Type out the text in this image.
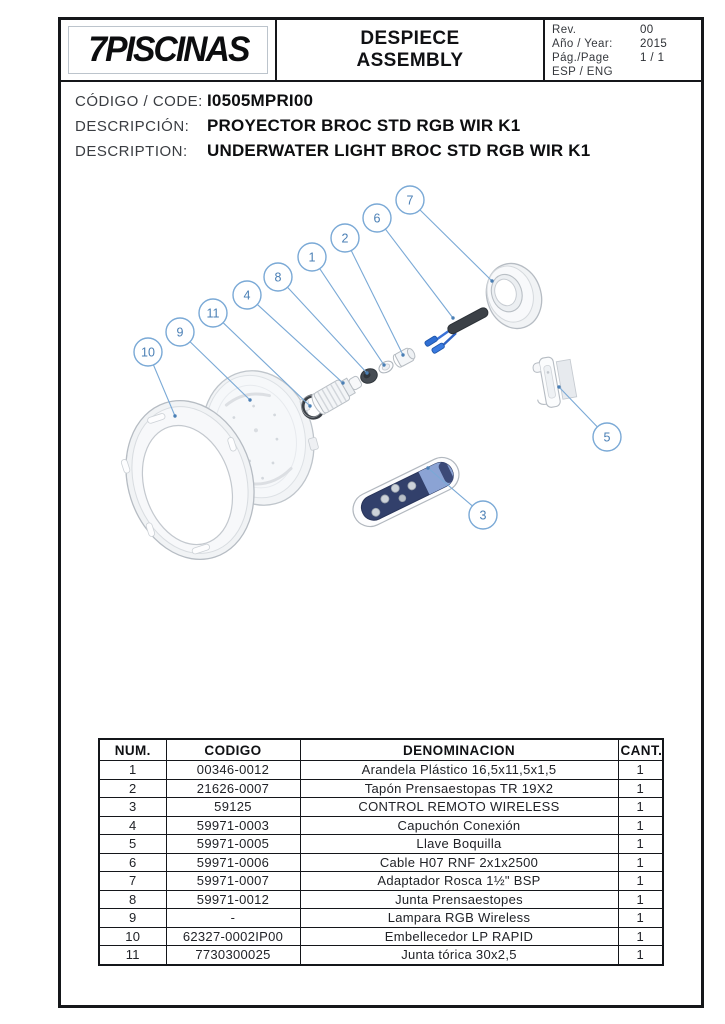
7PISCINAS	DESPIECE
ASSEMBLY
Rev.	00
Año / Year:	2015
Pág./Page	1 / 1
ESP / ENG
CÓDIGO / CODE: I0505MPRI00
DESCRIPCIÓN:	PROYECTOR BROC STD RGB WIR K1
DESCRIPTION:	UNDERWATER LIGHT BROC STD RGB WIR K1
10
9
11
4
8
1
2
6
7
5
3
NUM.	CODIGO	DENOMINACION	CANT.
1	00346-0012	Arandela Plástico 16,5x11,5x1,5	1
2	21626-0007	Tapón Prensaestopas TR 19X2	1
3	59125	CONTROL REMOTO WIRELESS	1
4	59971-0003	Capuchón Conexión	1
5	59971-0005	Llave Boquilla	1
6	59971-0006	Cable H07 RNF 2x1x2500	1
7	59971-0007	Adaptador Rosca 1½" BSP	1
8	59971-0012	Junta Prensaestopes	1
9	-	Lampara RGB Wireless	1
10	62327-0002IP00	Embellecedor LP RAPID	1
11	7730300025	Junta tórica 30x2,5	1
